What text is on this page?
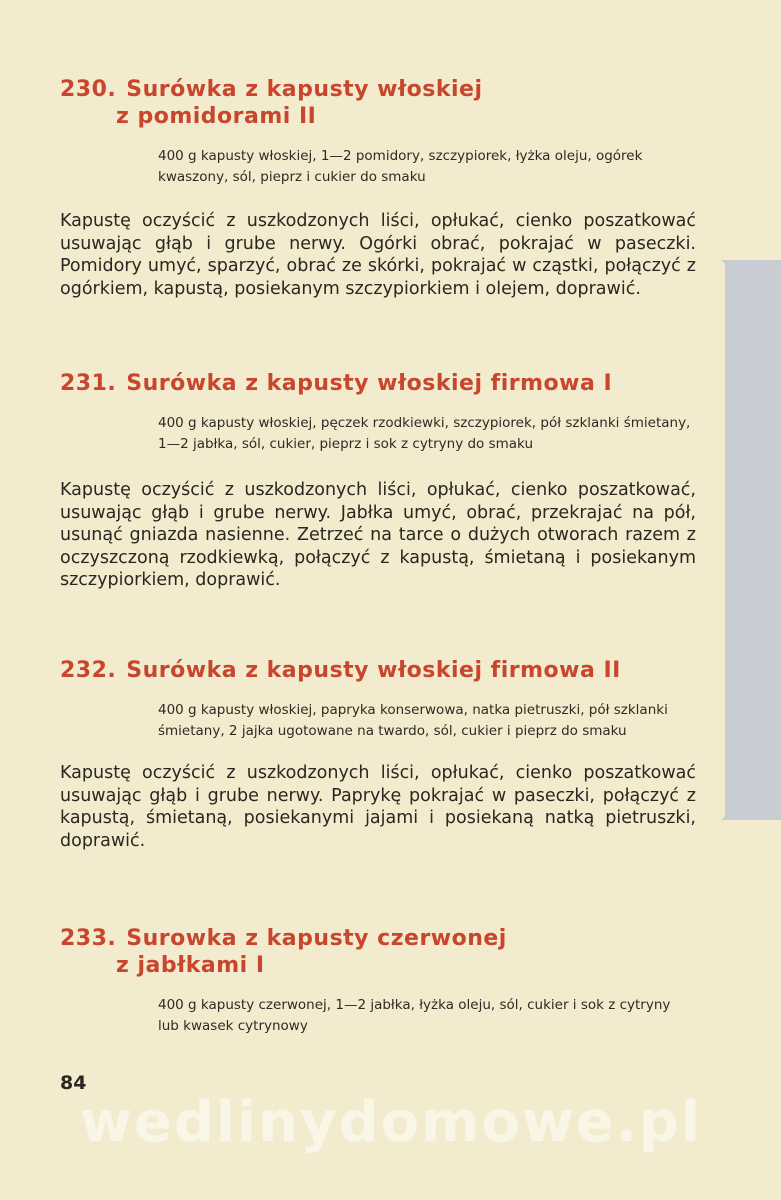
230. Surówka z kapusty włoskiej
z pomidorami II

400 g kapusty włoskiej, 1—2 pomidory, szczypiorek, łyżka oleju, ogórek kwaszony, sól, pieprz i cukier do smaku
Kapustę oczyścić z uszkodzonych liści, opłukać, cienko poszatkować usuwając głąb i grube nerwy. Ogórki obrać, pokrajać w paseczki. Pomidory umyć, sparzyć, obrać ze skórki, pokrajać w cząstki, połączyć z ogórkiem, kapustą, posiekanym szczypiorkiem i olejem, doprawić.

231. Surówka z kapusty włoskiej firmowa I

400 g kapusty włoskiej, pęczek rzodkiewki, szczypiorek, pół szklanki śmietany, 1—2 jabłka, sól, cukier, pieprz i sok z cytryny do smaku
Kapustę oczyścić z uszkodzonych liści, opłukać, cienko poszatkować, usuwając głąb i grube nerwy. Jabłka umyć, obrać, przekrajać na pół, usunąć gniazda nasienne. Zetrzeć na tarce o dużych otworach razem z oczyszczoną rzodkiewką, połączyć z kapustą, śmietaną i posiekanym szczypiorkiem, doprawić.

232. Surówka z kapusty włoskiej firmowa II

400 g kapusty włoskiej, papryka konserwowa, natka pietruszki, pół szklanki śmietany, 2 jajka ugotowane na twardo, sól, cukier i pieprz do smaku
Kapustę oczyścić z uszkodzonych liści, opłukać, cienko poszatkować usuwając głąb i grube nerwy. Paprykę pokrajać w paseczki, połączyć z kapustą, śmietaną, posiekanymi jajami i posiekaną natką pietruszki, doprawić.

233. Surowka z kapusty czerwonej
z jabłkami I

400 g kapusty czerwonej, 1—2 jabłka, łyżka oleju, sól, cukier i sok z cytryny lub kwasek cytrynowy
84
wedlinydomowe.pl
